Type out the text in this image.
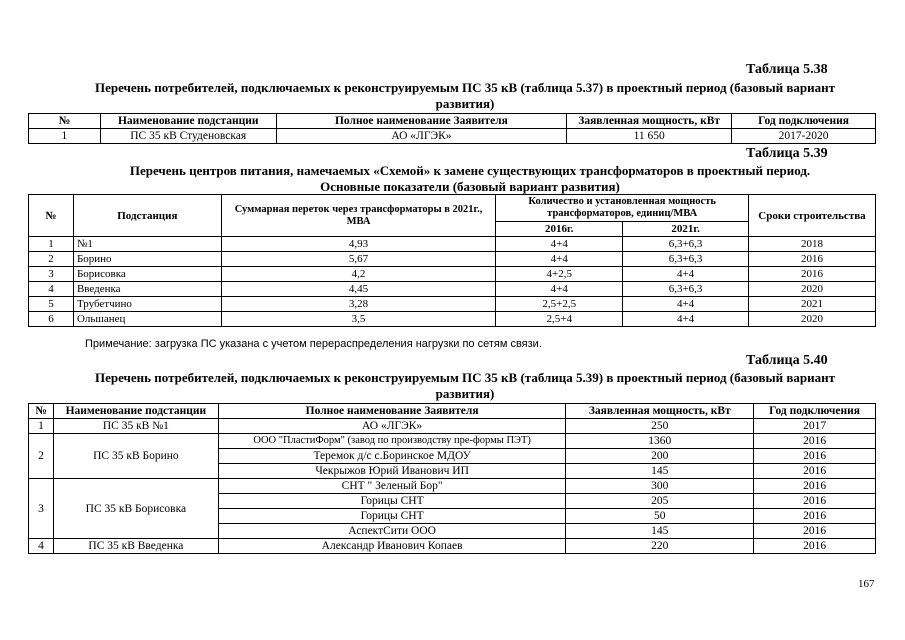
Таблица 5.38
Перечень потребителей, подключаемых к реконструируемым ПС 35 кВ (таблица 5.37) в проектный период (базовый вариант развития)
№	Наименование подстанции	Полное наименование Заявителя	Заявленная мощность, кВт	Год подключения
1	ПС 35 кВ Студеновская	АО «ЛГЭК»	11 650	2017-2020
Таблица 5.39
Перечень центров питания, намечаемых «Схемой» к замене существующих трансформаторов в проектный период. Основные показатели (базовый вариант развития)
№	Подстанция	Суммарная переток через трансформаторы в 2021г., МВА	Количество и установленная мощность трансформаторов, единиц/МВА		Сроки строительства
			2016г.	2021г.	
1	№1	4,93	4+4	6,3+6,3	2018
2	Борино	5,67	4+4	6,3+6,3	2016
3	Борисовка	4,2	4+2,5	4+4	2016
4	Введенка	4,45	4+4	6,3+6,3	2020
5	Трубетчино	3,28	2,5+2,5	4+4	2021
6	Ольшанец	3,5	2,5+4	4+4	2020
Примечание: загрузка ПС указана с учетом перераспределения нагрузки по сетям связи.
Таблица 5.40
Перечень потребителей, подключаемых к реконструируемым ПС 35 кВ (таблица 5.39) в проектный период (базовый вариант развития)
№	Наименование подстанции	Полное наименование Заявителя	Заявленная мощность, кВт	Год подключения
1	ПС 35 кВ №1	АО «ЛГЭК»	250	2017
2	ПС 35 кВ Борино	ООО "ПластиФорм" (завод по производству пре-формы ПЭТ)	1360	2016
		Теремок д/с с.Боринское МДОУ	200	2016
		Чекрыжов Юрий Иванович ИП	145	2016
3	ПС 35 кВ Борисовка	СНТ " Зеленый Бор"	300	2016
		Горицы СНТ	205	2016
		Горицы СНТ	50	2016
		АспектСити ООО	145	2016
4	ПС 35 кВ Введенка	Александр Иванович Копаев	220	2016
167
